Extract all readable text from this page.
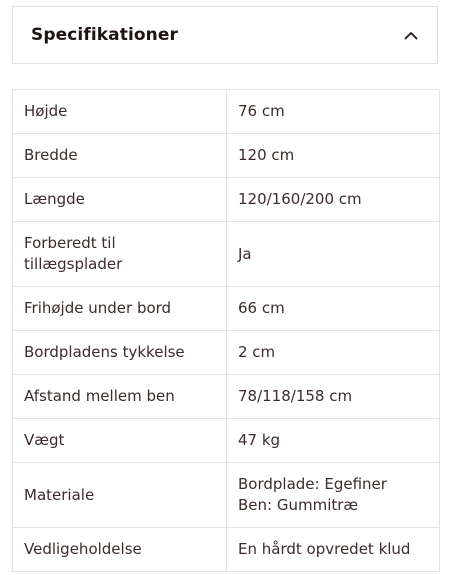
Specifikationer
Højde	76 cm
Bredde	120 cm
Længde	120/160/200 cm
Forberedt til tillægsplader	Ja
Frihøjde under bord	66 cm
Bordpladens tykkelse	2 cm
Afstand mellem ben	78/118/158 cm
Vægt	47 kg
Materiale	Bordplade: Egefiner
Ben: Gummitræ

Vedligeholdelse	En hårdt opvredet klud
